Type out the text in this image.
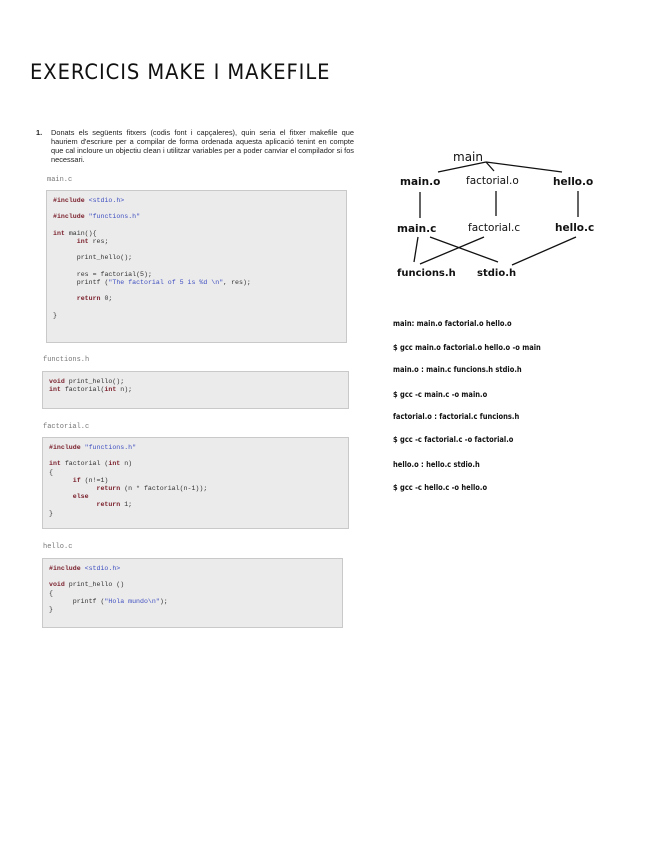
EXERCICIS MAKE I MAKEFILE
1. Donats els següents fitxers (codis font i capçaleres), quin seria el fitxer makefile que hauriem d'escriure per a compilar de forma ordenada aquesta aplicació tenint en compte que cal incloure un objectiu clean i utilitzar variables per a poder canviar el compilador si fos necessari.
main.c
#include <stdio.h>

#include "functions.h"

int main(){
int res;

print_hello();

res = factorial(5);
printf ("The factorial of 5 is %d \n", res);

return 0;

}
functions.h
void print_hello();
int factorial(int n);
factorial.c
#include "functions.h"

int factorial (int n)
{
if (n!=1)
return (n * factorial(n-1));
else
return 1;
}
hello.c
#include <stdio.h>

void print_hello ()
{
printf ("Hola mundo\n");
}
main
main.o factorial.o	hello.o
main.c	factorial.c	hello.c
funcions.h stdio.h
main: main.o factorial.o hello.o
$ gcc main.o factorial.o hello.o -o main
main.o : main.c funcions.h stdio.h
$ gcc -c main.c -o main.o
factorial.o : factorial.c funcions.h
$ gcc -c factorial.c -o factorial.o
hello.o : hello.c stdio.h
$ gcc -c hello.c -o hello.o
